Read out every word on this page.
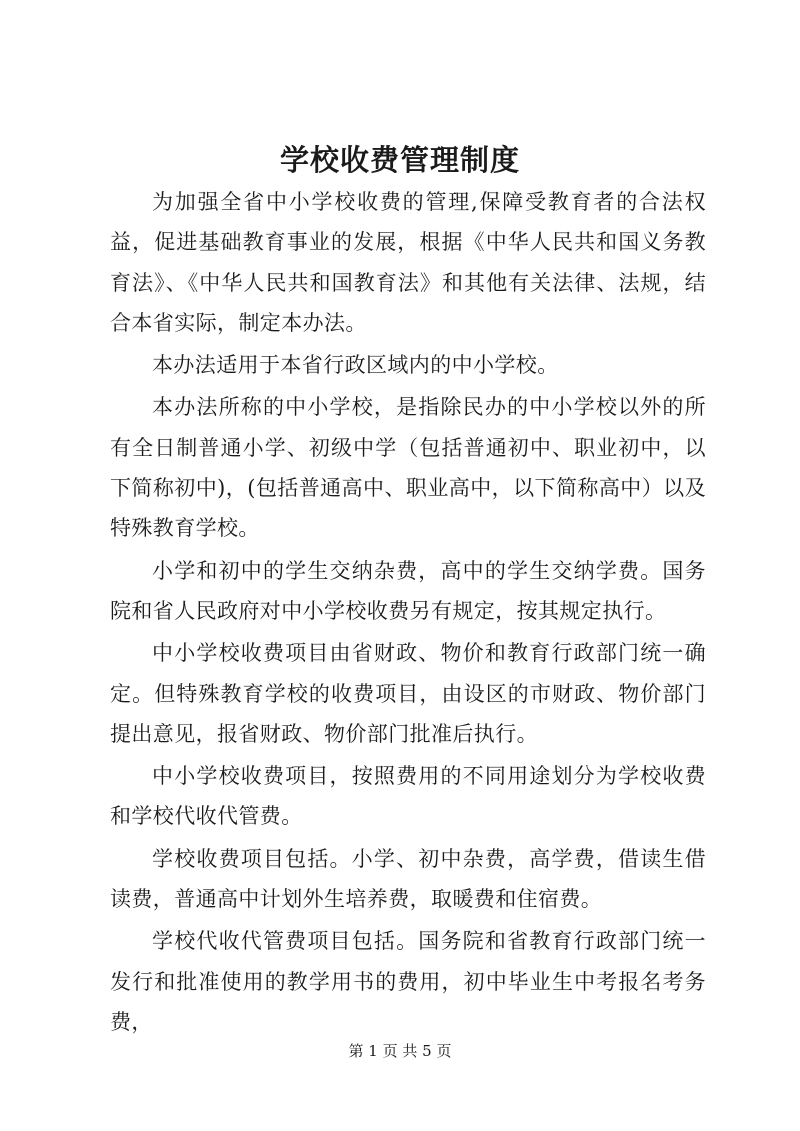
学校收费管理制度

为加强全省中小学校收费的管理,保障受教育者的合法权益，促进基础教育事业的发展，根据《中华人民共和国义务教育法》、《中华人民共和国教育法》和其他有关法律、法规，结合本省实际，制定本办法。

本办法适用于本省行政区域内的中小学校。

本办法所称的中小学校，是指除民办的中小学校以外的所有全日制普通小学、初级中学（包括普通初中、职业初中，以下简称初中)，(包括普通高中、职业高中，以下简称高中）以及特殊教育学校。

小学和初中的学生交纳杂费，高中的学生交纳学费。国务院和省人民政府对中小学校收费另有规定，按其规定执行。

中小学校收费项目由省财政、物价和教育行政部门统一确定。但特殊教育学校的收费项目，由设区的市财政、物价部门提出意见，报省财政、物价部门批准后执行。

中小学校收费项目，按照费用的不同用途划分为学校收费和学校代收代管费。

学校收费项目包括。小学、初中杂费，高学费，借读生借读费，普通高中计划外生培养费，取暖费和住宿费。

学校代收代管费项目包括。国务院和省教育行政部门统一发行和批准使用的教学用书的费用，初中毕业生中考报名考务费，

第 1 页 共 5 页
